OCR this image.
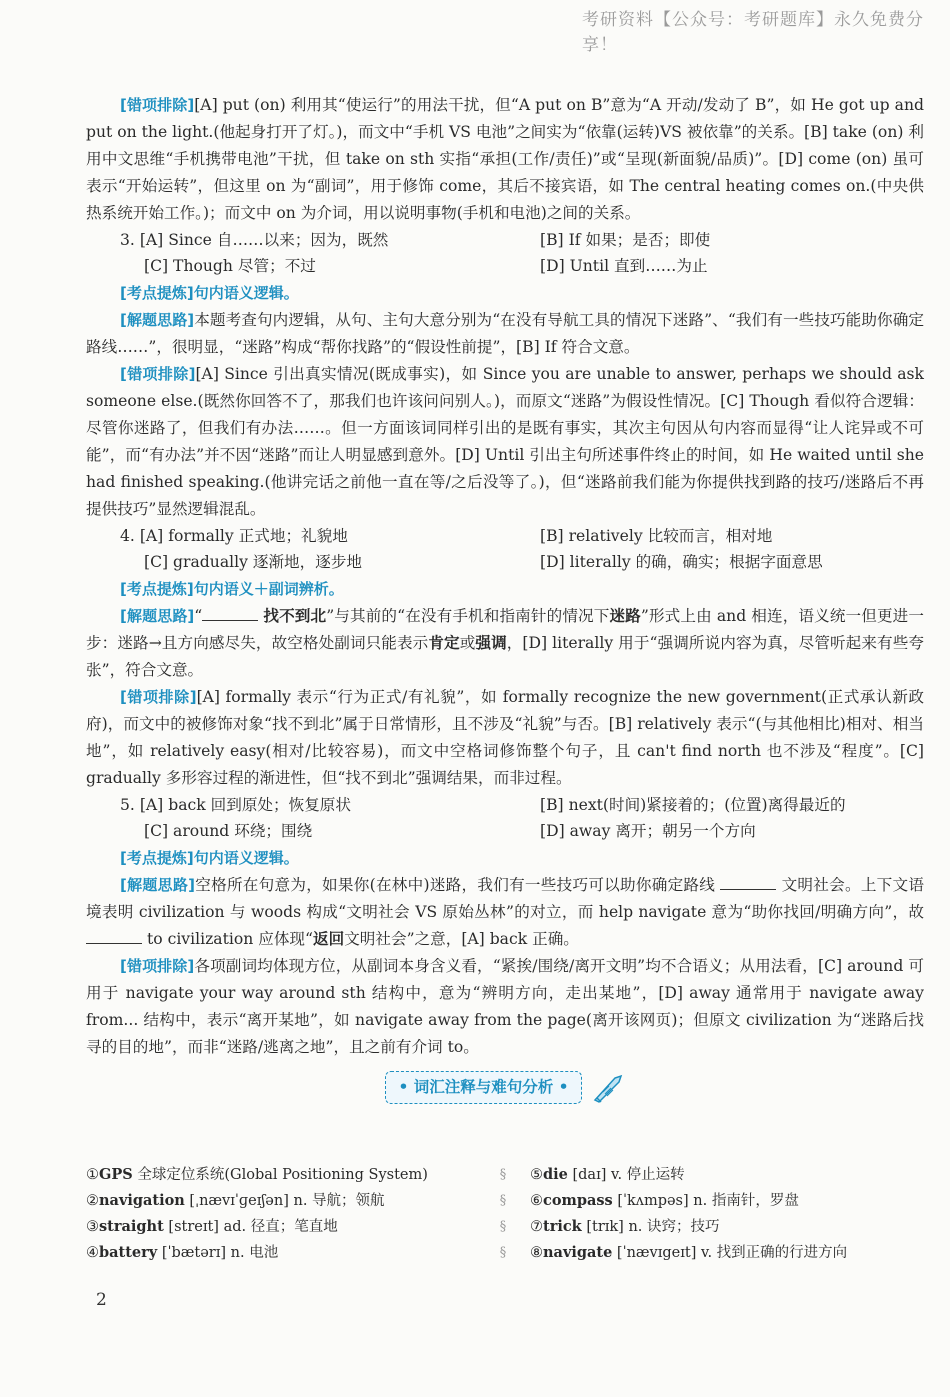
考研资料【公众号：考研题库】永久免费分享！

[错项排除][A] put (on) 利用其“使运行”的用法干扰，但“A put on B”意为“A 开动/发动了 B”，如 He got up and put on the light.(他起身打开了灯。)，而文中“手机 VS 电池”之间实为“依靠(运转)VS 被依靠”的关系。[B] take (on) 利用中文思维“手机携带电池”干扰，但 take on sth 实指“承担(工作/责任)”或“呈现(新面貌/品质)”。[D] come (on) 虽可表示“开始运转”，但这里 on 为“副词”，用于修饰 come，其后不接宾语，如 The central heating comes on.(中央供热系统开始工作。)；而文中 on 为介词，用以说明事物(手机和电池)之间的关系。

3. [A] Since 自……以来；因为，既然	[B] If 如果；是否；即使
[C] Though 尽管；不过	[D] Until 直到……为止

[考点提炼]句内语义逻辑。

[解题思路]本题考查句内逻辑，从句、主句大意分别为“在没有导航工具的情况下迷路”、“我们有一些技巧能助你确定路线……”，很明显，“迷路”构成“帮你找路”的“假设性前提”，[B] If 符合文意。

[错项排除][A] Since 引出真实情况(既成事实)，如 Since you are unable to answer, perhaps we should ask someone else.(既然你回答不了，那我们也许该问问别人。)，而原文“迷路”为假设性情况。[C] Though 看似符合逻辑：尽管你迷路了，但我们有办法……。但一方面该词同样引出的是既有事实，其次主句因从句内容而显得“让人诧异或不可能”，而“有办法”并不因“迷路”而让人明显感到意外。[D] Until 引出主句所述事件终止的时间，如 He waited until she had finished speaking.(他讲完话之前他一直在等/之后没等了。)，但“迷路前我们能为你提供找到路的技巧/迷路后不再提供技巧”显然逻辑混乱。

4. [A] formally 正式地；礼貌地	[B] relatively 比较而言，相对地
[C] gradually 逐渐地，逐步地	[D] literally 的确，确实；根据字面意思

[考点提炼]句内语义＋副词辨析。

[解题思路]“	找不到北”与其前的“在没有手机和指南针的情况下迷路”形式上由 and 相连，语义统一但更进一步：迷路→且方向感尽失，故空格处副词只能表示肯定或强调，[D] literally 用于“强调所说内容为真，尽管听起来有些夸张”，符合文意。

[错项排除][A] formally 表示“行为正式/有礼貌”，如 formally recognize the new government(正式承认新政府)，而文中的被修饰对象“找不到北”属于日常情形，且不涉及“礼貌”与否。[B] relatively 表示“(与其他相比)相对、相当地”，如 relatively easy(相对/比较容易)，而文中空格词修饰整个句子，且 can't find north 也不涉及“程度”。[C] gradually 多形容过程的渐进性，但“找不到北”强调结果，而非过程。

5. [A] back 回到原处；恢复原状	[B] next(时间)紧接着的；(位置)离得最近的
[C] around 环绕；围绕	[D] away 离开；朝另一个方向

[考点提炼]句内语义逻辑。

[解题思路]空格所在句意为，如果你(在林中)迷路，我们有一些技巧可以助你确定路线	文明社会。上下文语境表明 civilization 与 woods 构成“文明社会 VS 原始丛林”的对立，而 help navigate 意为“助你找回/明确方向”，故  to civilization 应体现“返回文明社会”之意，[A] back 正确。

[错项排除]各项副词均体现方位，从副词本身含义看，“紧挨/围绕/离开文明”均不合语义；从用法看，[C] around 可用于 navigate your way around sth 结构中，意为“辨明方向，走出某地”，[D] away 通常用于 navigate away from... 结构中，表示“离开某地”，如 navigate away from the page(离开该网页)；但原文 civilization 为“迷路后找寻的目的地”，而非“迷路/逃离之地”，且之前有介词 to。

• 词汇注释与难句分析 •
①GPS 全球定位系统(Global Positioning System)	§	⑤die [daɪ] v. 停止运转
②navigation [ˌnævɪˈɡeɪʃən] n. 导航；领航	§	⑥compass [ˈkʌmpəs] n. 指南针，罗盘
③straight [streɪt] ad. 径直；笔直地	§	⑦trick [trɪk] n. 诀窍；技巧
④battery [ˈbætərɪ] n. 电池	§	⑧navigate [ˈnævɪgeɪt] v. 找到正确的行进方向
2
